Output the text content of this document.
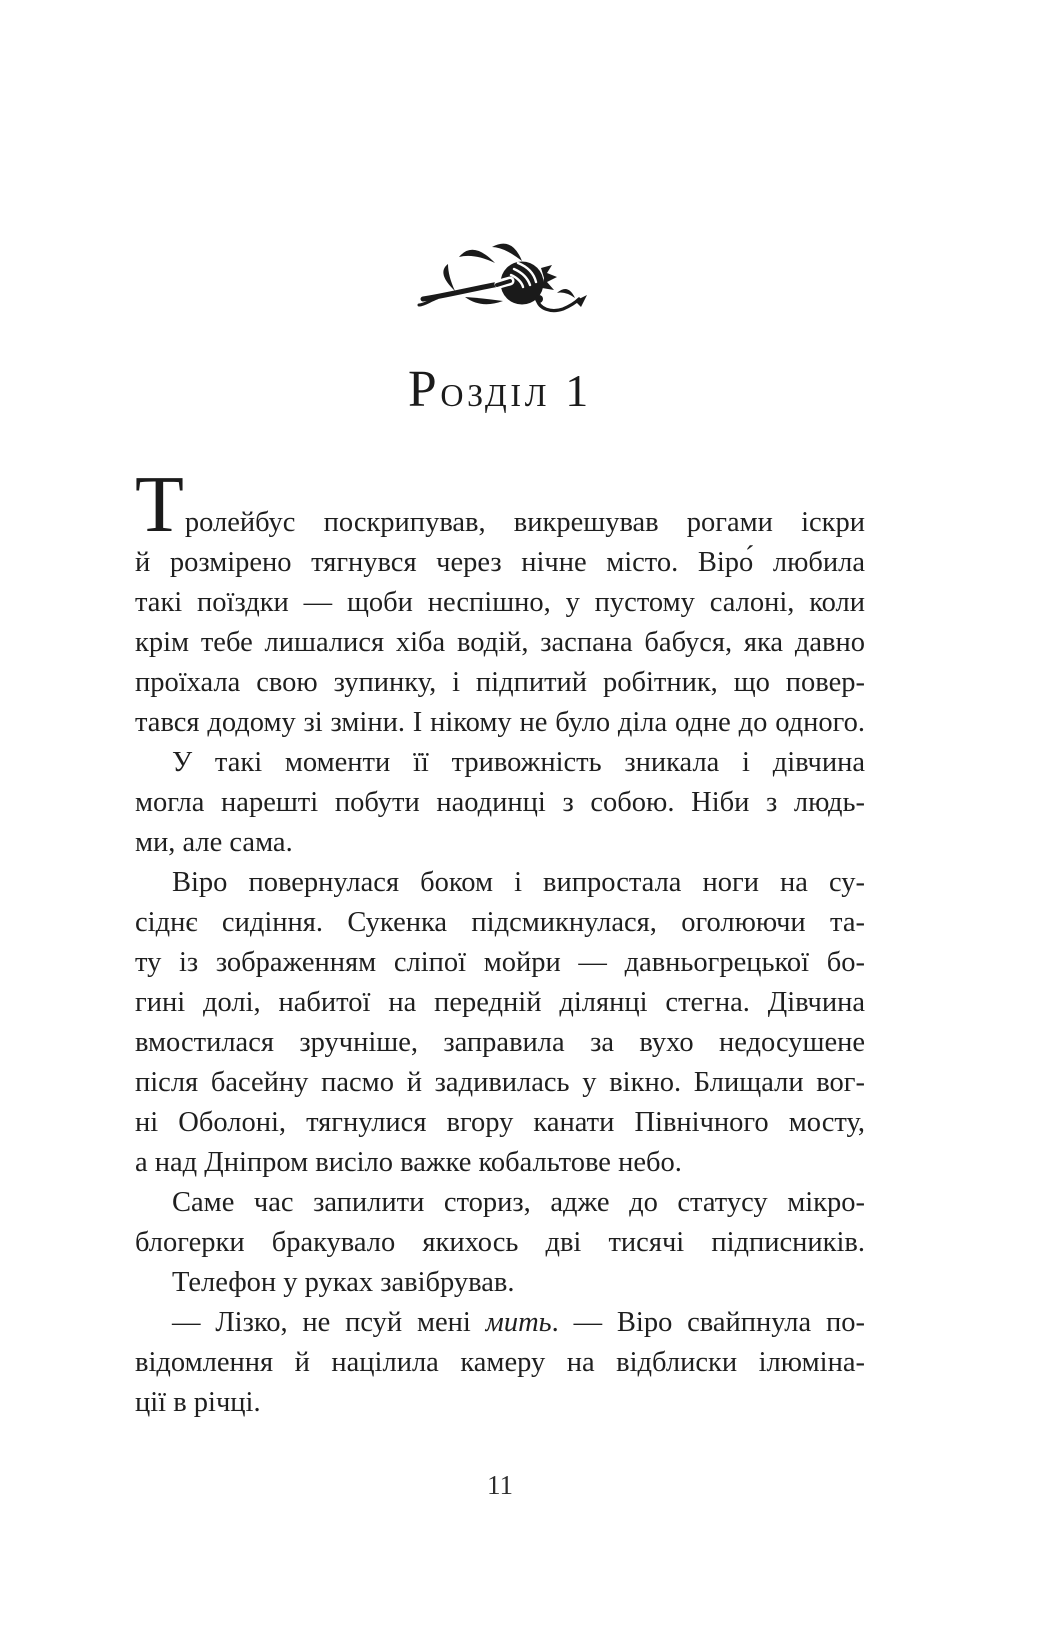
Розділ 1
Тролейбус поскрипував, викрешував рогами іскри
й розмірено тягнувся через нічне місто. Віро́ любила
такі поїздки — щоби неспішно, у пустому салоні, коли
крім тебе лишалися хіба водій, заспана бабуся, яка давно
проїхала свою зупинку, і підпитий робітник, що повер-
тався додому зі зміни. І нікому не було діла одне до одного.
У такі моменти її тривожність зникала і дівчина
могла нарешті побути наодинці з собою. Ніби з людь-
ми, але сама.
Віро повернулася боком і випростала ноги на су-
сіднє сидіння. Сукенка підсмикнулася, оголюючи та-
ту із зображенням сліпої мойри — давньогрецької бо-
гині долі, набитої на передній ділянці стегна. Дівчина
вмостилася зручніше, заправила за вухо недосушене
після басейну пасмо й задивилась у вікно. Блищали вог-
ні Оболоні, тягнулися вгору канати Північного мосту,
а над Дніпром висіло важке кобальтове небо.
Саме час запилити сториз, адже до статусу мікро-
блогерки бракувало якихось дві тисячі підписників.
Телефон у руках завібрував.
— Лізко, не псуй мені мить. — Віро свайпнула по-
відомлення й націлила камеру на відблиски ілюміна-
ції в річці.
11
